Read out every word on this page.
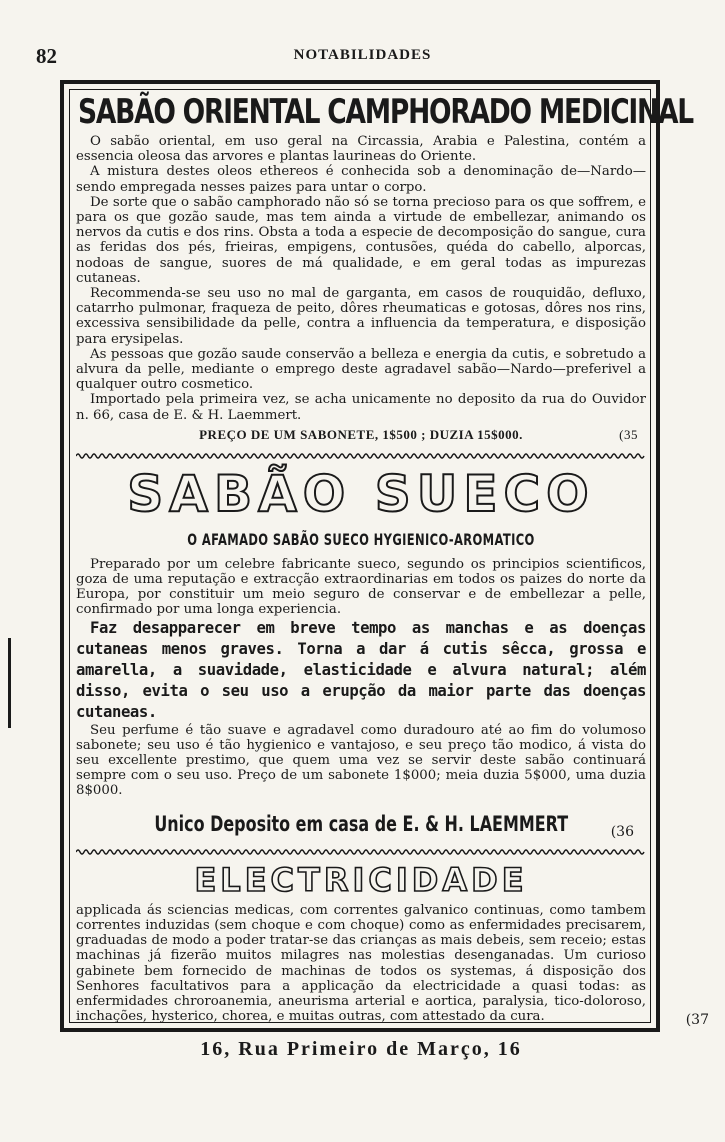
82	NOTABILIDADES
SABÃO ORIENTAL CAMPHORADO MEDICINAL

O sabão oriental, em uso geral na Circassia, Arabia e Palestina, contém a essencia oleosa das arvores e plantas laurineas do Oriente.

A mistura destes oleos ethereos é conhecida sob a denominação de—Nardo—sendo empregada nesses paizes para untar o corpo.

De sorte que o sabão camphorado não só se torna precioso para os que soffrem, e para os que gozão saude, mas tem ainda a virtude de embellezar, animando os nervos da cutis e dos rins. Obsta a toda a especie de decomposição do sangue, cura as feridas dos pés, frieiras, empigens, contusões, quéda do cabello, alporcas, nodoas de sangue, suores de má qualidade, e em geral todas as impurezas cutaneas.

Recommenda-se seu uso no mal de garganta, em casos de rouquidão, defluxo, catarrho pulmonar, fraqueza de peito, dôres rheumaticas e gotosas, dôres nos rins, excessiva sensibilidade da pelle, contra a influencia da temperatura, e disposição para erysipelas.

As pessoas que gozão saude conservão a belleza e energia da cutis, e sobretudo a alvura da pelle, mediante o emprego deste agradavel sabão—Nardo—preferivel a qualquer outro cosmetico.

Importado pela primeira vez, se acha unicamente no deposito da rua do Ouvidor n. 66, casa de E. & H. Laemmert.

PREÇO DE UM SABONETE, 1$500 ; DUZIA 15$000.	(35
SABÃO SUECO
O AFAMADO SABÃO SUECO HYGIENICO-AROMATICO

Preparado por um celebre fabricante sueco, segundo os principios scientificos, goza de uma reputação e extracção extraordinarias em todos os paizes do norte da Europa, por constituir um meio seguro de conservar e de embellezar a pelle, confirmado por uma longa experiencia.

Faz desapparecer em breve tempo as manchas e as doenças cutaneas menos graves. Torna a dar á cutis sêcca, grossa e amarella, a suavidade, elasticidade e alvura natural; além disso, evita o seu uso a erupção da maior parte das doenças cutaneas.

Seu perfume é tão suave e agradavel como duradouro até ao fim do volumoso sabonete; seu uso é tão hygienico e vantajoso, e seu preço tão modico, á vista do seu excellente prestimo, que quem uma vez se servir deste sabão continuará sempre com o seu uso. Preço de um sabonete 1$000; meia duzia 5$000, uma duzia 8$000.

Unico Deposito em casa de E. & H. LAEMMERT	(36
ELECTRICIDADE

applicada ás sciencias medicas, com correntes galvanico continuas, como tambem correntes induzidas (sem choque e com choque) como as enfermidades precisarem, graduadas de modo a poder tratar-se das crianças as mais debeis, sem receio; estas machinas já fizerão muitos milagres nas molestias desenganadas. Um curioso gabinete bem fornecido de machinas de todos os systemas, á disposição dos Senhores facultativos para a applicação da electricidade a quasi todas: as enfermidades chroroanemia, aneurisma arterial e aortica, paralysia, tico-doloroso, inchações, hysterico, chorea, e muitas outras, com attestado da cura.

16, Rua Primeiro de Março, 16
(37
